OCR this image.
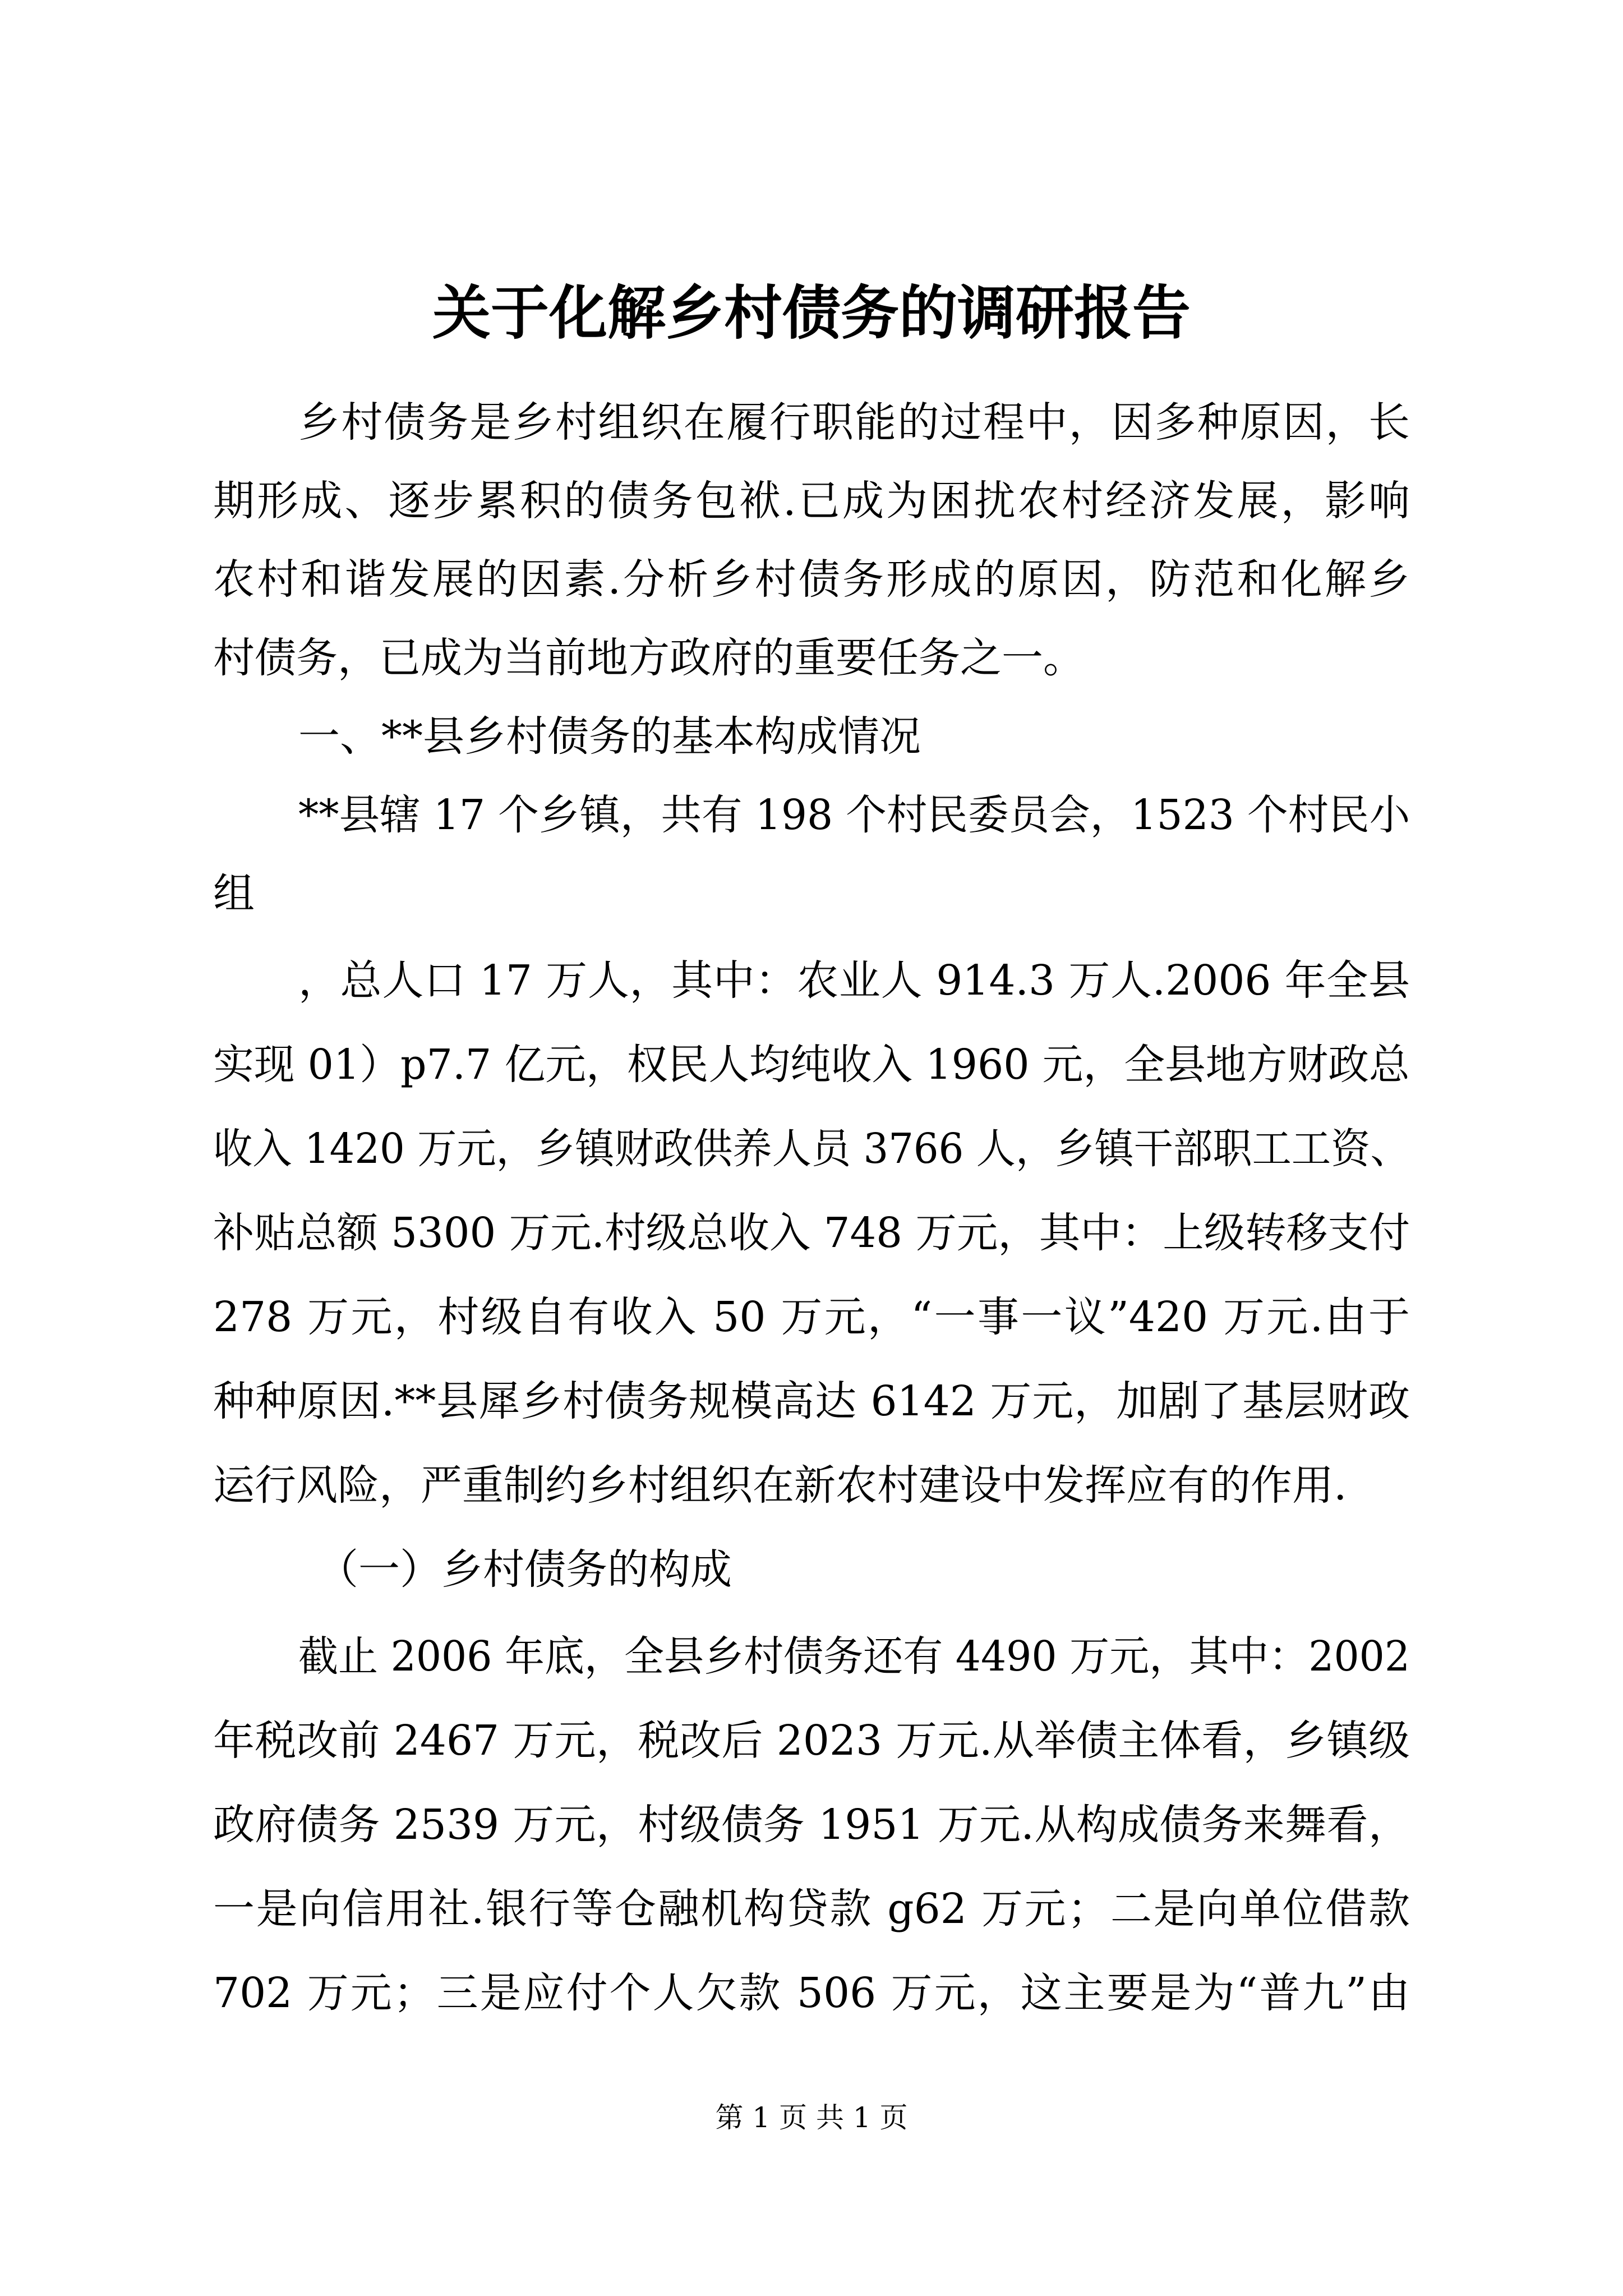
关于化解乡村债务的调研报告
乡村债务是乡村组织在履行职能的过程中，因多种原因，长
期形成、逐步累积的债务包袱.已成为困扰农村经济发展，影响
农村和谐发展的因素.分析乡村债务形成的原因，防范和化解乡
村债务，已成为当前地方政府的重要任务之一。
一、**县乡村债务的基本构成情况
**县辖 17 个乡镇，共有 198 个村民委员会，1523 个村民小
组
，总人口 17 万人，其中：农业人 914.3 万人.2006 年全县
实现 01）p7.7 亿元，权民人均纯收入 1960 元，全县地方财政总
收入 1420 万元，乡镇财政供养人员 3766 人，乡镇干部职工工资、
补贴总额 5300 万元.村级总收入 748 万元，其中：上级转移支付
278 万元，村级自有收入 50 万元，“一事一议”420 万元.由于
种种原因.**县犀乡村债务规模高达 6142 万元，加剧了基层财政
运行风险，严重制约乡村组织在新农村建设中发挥应有的作用.
（一）乡村债务的构成
截止 2006 年底，全县乡村债务还有 4490 万元，其中：2002
年税改前 2467 万元，税改后 2023 万元.从举债主体看，乡镇级
政府债务 2539 万元，村级债务 1951 万元.从构成债务来舞看，
一是向信用社.银行等仓融机构贷款 g62 万元；二是向单位借款
702 万元；三是应付个人欠款 506 万元，这主要是为“普九”由
第 1 页 共 1 页
